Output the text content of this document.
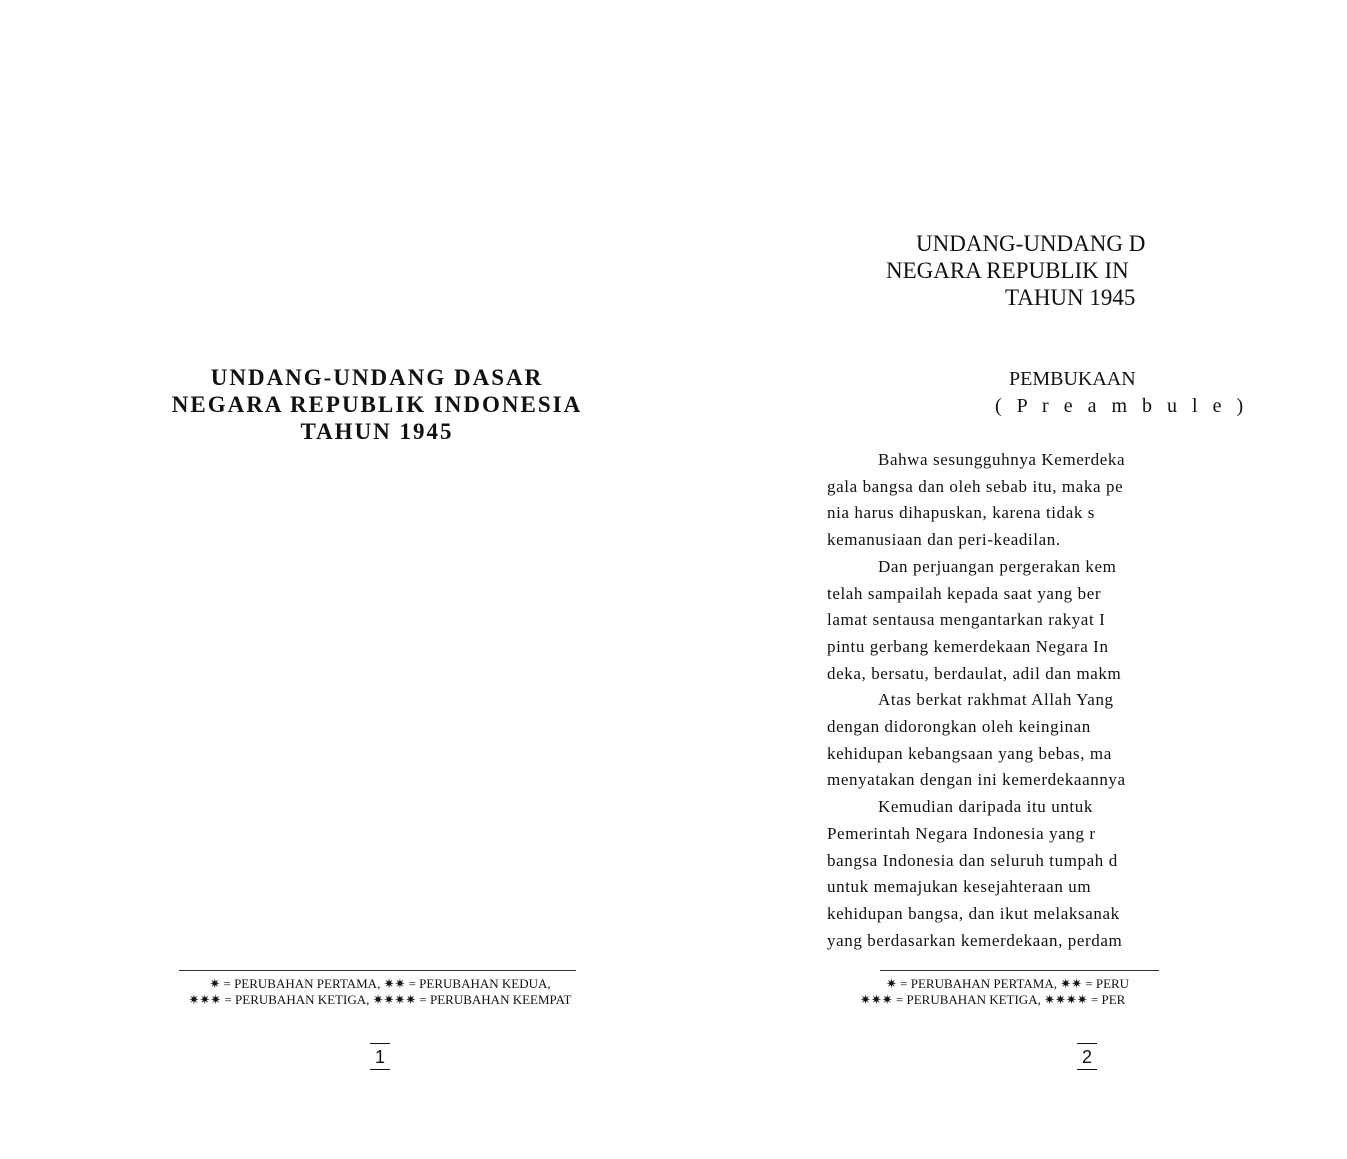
UNDANG-UNDANG DASAR
NEGARA REPUBLIK INDONESIA
TAHUN 1945
✷ = PERUBAHAN PERTAMA, ✷✷ = PERUBAHAN KEDUA,
✷✷✷ = PERUBAHAN KETIGA, ✷✷✷✷ = PERUBAHAN KEEMPAT
1
UNDANG-UNDANG D
NEGARA REPUBLIK IN
TAHUN 1945
PEMBUKAAN
( P r e a m b u l e )
Bahwa sesungguhnya Kemerdeka
gala bangsa dan oleh sebab itu, maka pe
nia harus dihapuskan, karena tidak s
kemanusiaan dan peri-keadilan.
Dan perjuangan pergerakan kem
telah sampailah kepada saat yang ber
lamat sentausa mengantarkan rakyat I
pintu gerbang kemerdekaan Negara In
deka, bersatu, berdaulat, adil dan makm
Atas berkat rakhmat Allah Yang
dengan didorongkan oleh keinginan
kehidupan kebangsaan yang bebas, ma
menyatakan dengan ini kemerdekaannya
Kemudian daripada itu untuk
Pemerintah Negara Indonesia yang r
bangsa Indonesia dan seluruh tumpah d
untuk memajukan kesejahteraan um
kehidupan bangsa, dan ikut melaksanak
yang berdasarkan kemerdekaan, perdam
✷ = PERUBAHAN PERTAMA, ✷✷ = PERU
✷✷✷ = PERUBAHAN KETIGA, ✷✷✷✷ = PER
2
